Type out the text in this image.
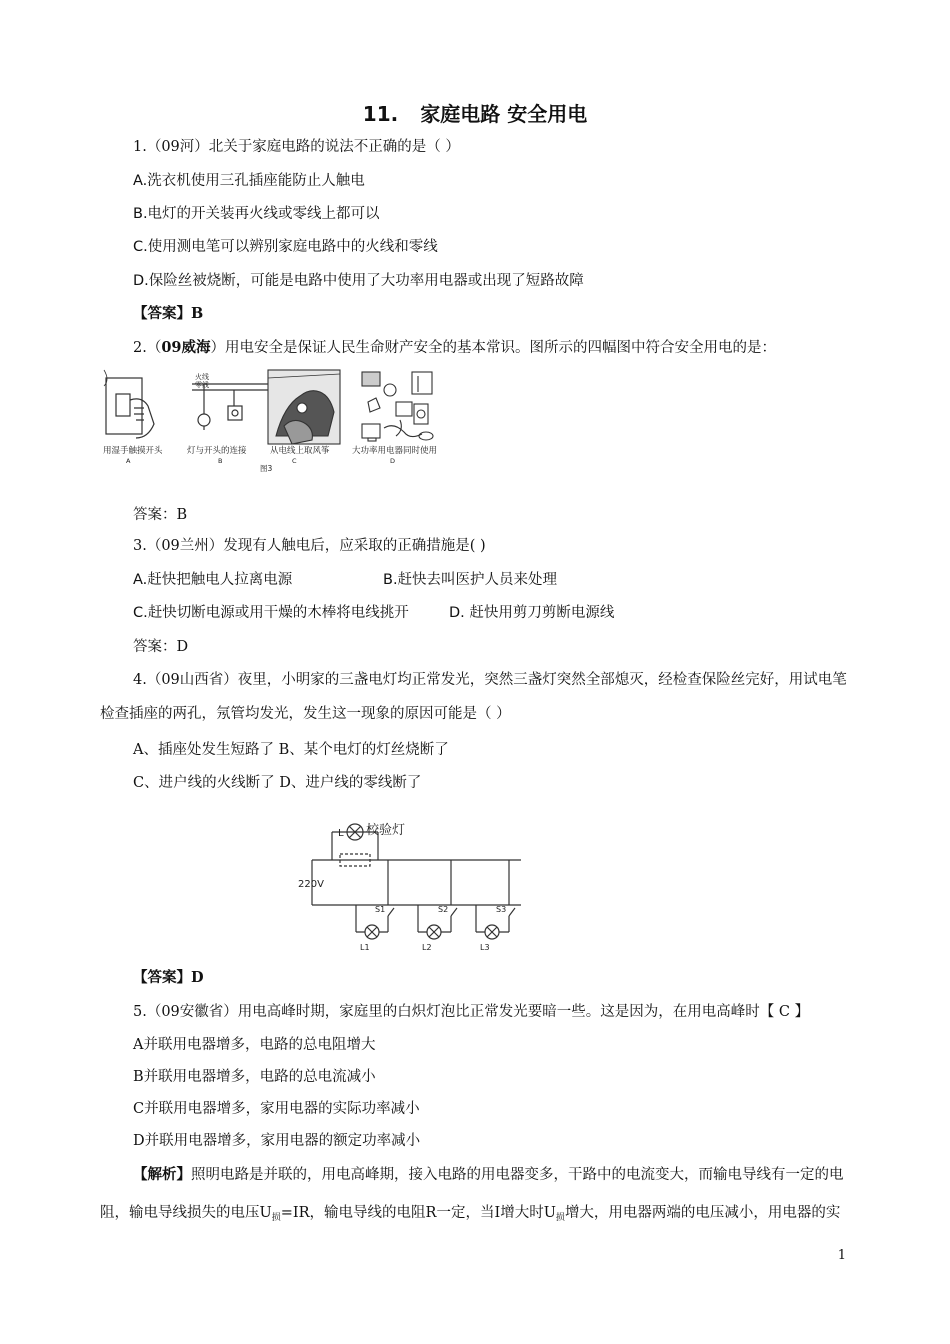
11. 家庭电路 安全用电
1.（09河）北关于家庭电路的说法不正确的是（ ）
A.洗衣机使用三孔插座能防止人触电
B.电灯的开关装再火线或零线上都可以
C.使用测电笔可以辨别家庭电路中的火线和零线
D.保险丝被烧断，可能是电路中使用了大功率用电器或出现了短路故障
【答案】B
2.（09威海）用电安全是保证人民生命财产安全的基本常识。图所示的四幅图中符合安全用电的是：
用湿手触摸开头	灯与开头的连接	从电线上取风筝	大功率用电器同时使用
A	B	C	D
火线
零线
图3
答案：B
3.（09兰州）发现有人触电后，应采取的正确措施是( )
A.赶快把触电人拉离电源	B.赶快去叫医护人员来处理
C.赶快切断电源或用干燥的木棒将电线挑开	D. 赶快用剪刀剪断电源线
答案：D
4.（09山西省）夜里，小明家的三盏电灯均正常发光，突然三盏灯突然全部熄灭，经检查保险丝完好，用试电笔
检查插座的两孔，氖管均发光，发生这一现象的原因可能是（ ）
A、插座处发生短路了 B、某个电灯的灯丝烧断了
C、进户线的火线断了 D、进户线的零线断了
L 校验灯
220V
S1	S2	S3
L1	L2	L3
【答案】D
5.（09安徽省）用电高峰时期，家庭里的白炽灯泡比正常发光要暗一些。这是因为，在用电高峰时【 C 】
A并联用电器增多，电路的总电阻增大
B并联用电器增多，电路的总电流减小
C并联用电器增多，家用电器的实际功率减小
D并联用电器增多，家用电器的额定功率减小
【解析】照明电路是并联的，用电高峰期，接入电路的用电器变多，干路中的电流变大，而输电导线有一定的电
阻，输电导线损失的电压$U_损=IR$，输电导线的电阻R一定，当I增大时$U_损$增大，用电器两端的电压减小，用电器的实
1
